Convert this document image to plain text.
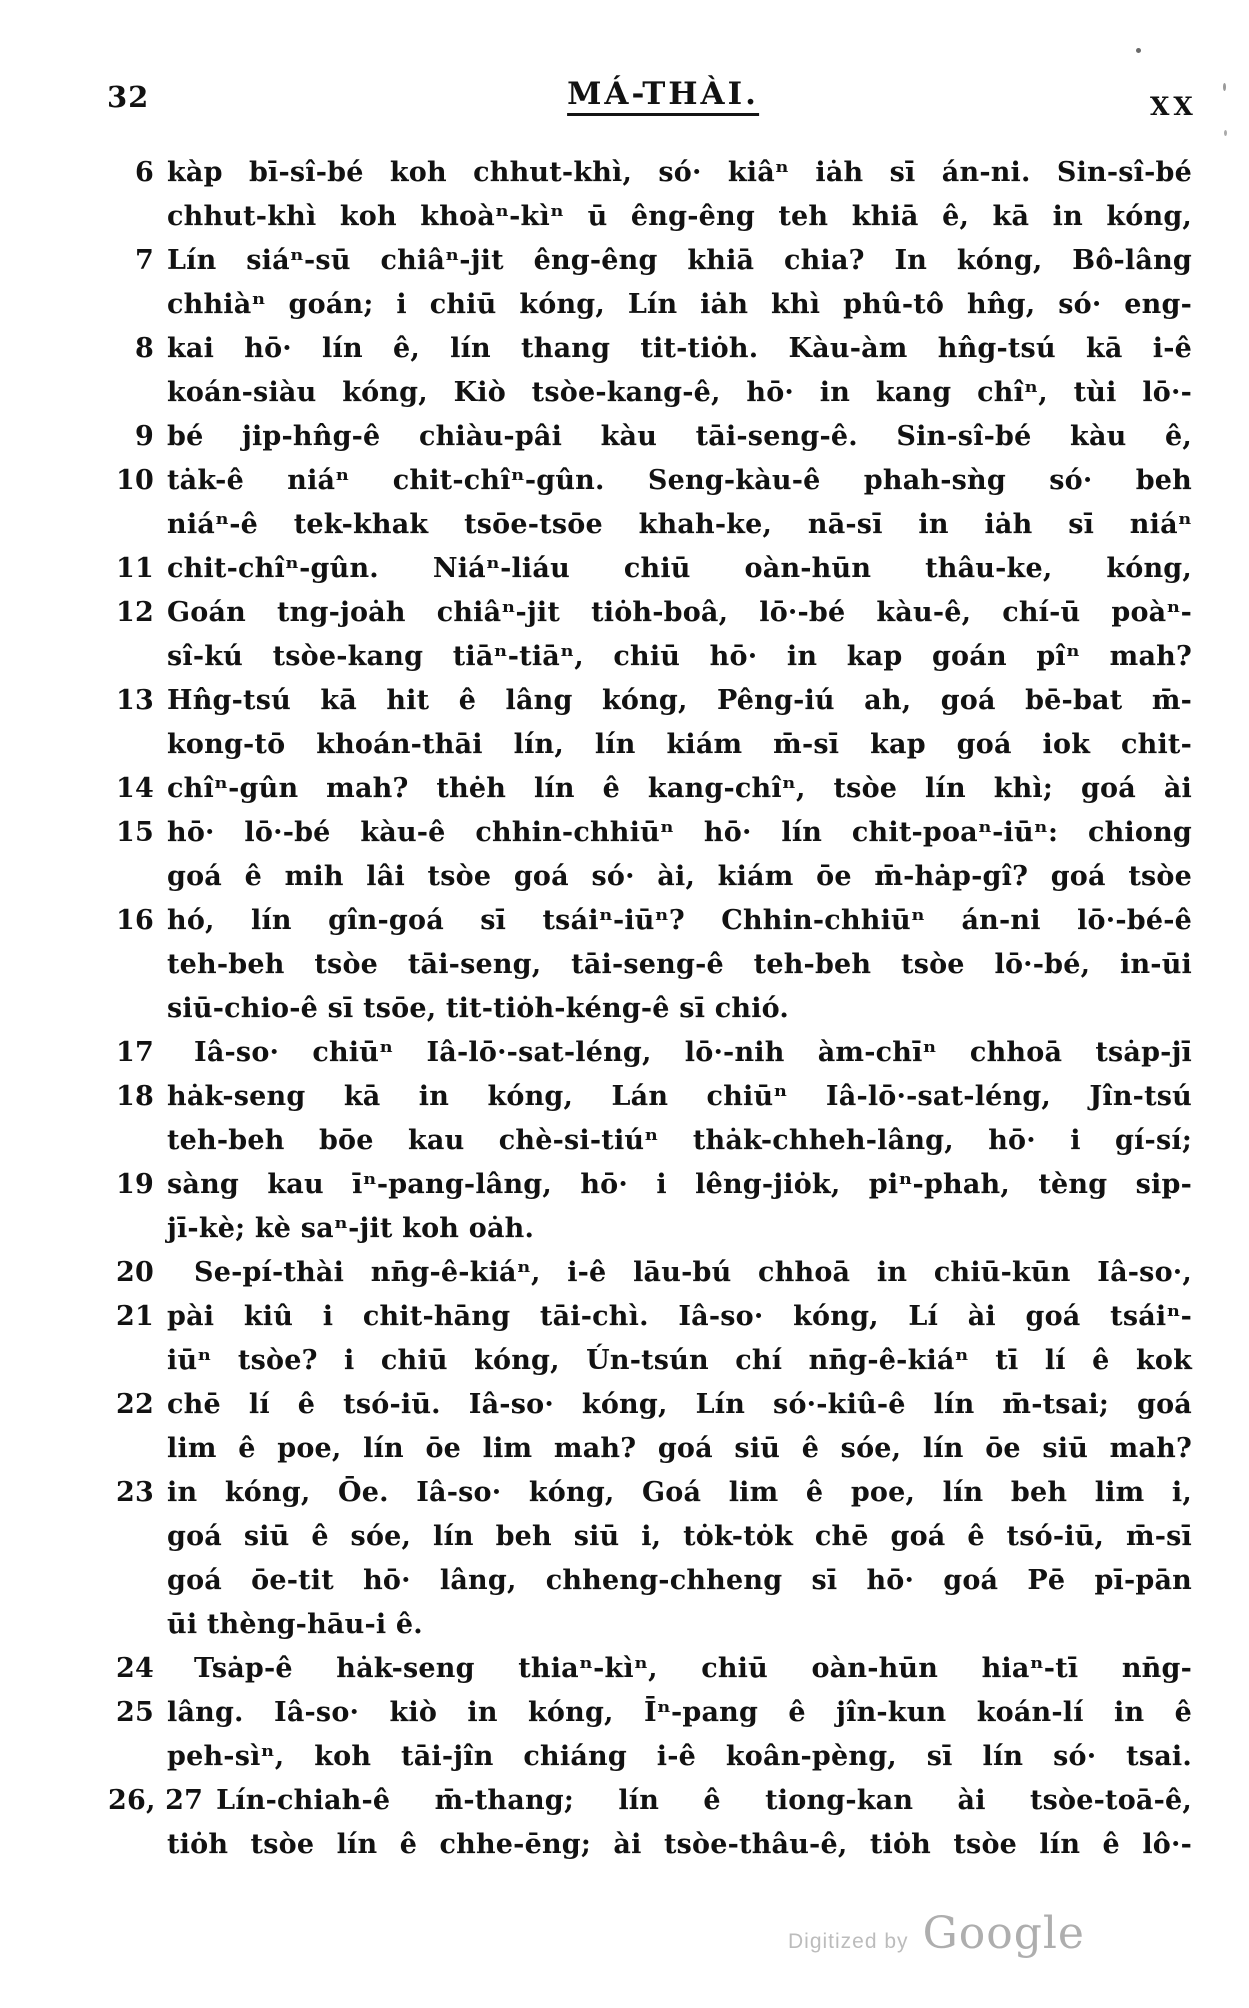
32	MÁ-THÀI.	XX
6 kàp bī-sî-bé koh chhut-khì, só· kiâⁿ iȧh sī án-ni. Sin-sî-bé
chhut-khì koh khoàⁿ-kìⁿ ū êng-êng teh khiā ê, kā in kóng,
7 Lín siáⁿ-sū chiâⁿ-jit êng-êng khiā chia? In kóng, Bô-lâng
chhiàⁿ goán; i chiū kóng, Lín iȧh khì phû-tô hn̂g, só· eng-
8 kai hō· lín ê, lín thang tit-tiȯh. Kàu-àm hn̂g-tsú kā i-ê
koán-siàu kóng, Kiò tsòe-kang-ê, hō· in kang chîⁿ, tùi lō·-
9 bé jip-hn̂g-ê chiàu-pâi kàu tāi-seng-ê. Sin-sî-bé kàu ê,
10 tȧk-ê niáⁿ chit-chîⁿ-gûn. Seng-kàu-ê phah-sǹg só· beh
niáⁿ-ê tek-khak tsōe-tsōe khah-ke, nā-sī in iȧh sī niáⁿ
11 chit-chîⁿ-gûn. Niáⁿ-liáu chiū oàn-hūn thâu-ke, kóng,
12 Goán tng-joȧh chiâⁿ-jit tiȯh-boâ, lō·-bé kàu-ê, chí-ū poàⁿ-
sî-kú tsòe-kang tiāⁿ-tiāⁿ, chiū hō· in kap goán pîⁿ mah?
13 Hn̂g-tsú kā hit ê lâng kóng, Pêng-iú ah, goá bē-bat m̄-
kong-tō khoán-thāi lín, lín kiám m̄-sī kap goá iok chit-
14 chîⁿ-gûn mah? thėh lín ê kang-chîⁿ, tsòe lín khì; goá ài
15 hō· lō·-bé kàu-ê chhin-chhiūⁿ hō· lín chit-poaⁿ-iūⁿ: chiong
goá ê mih lâi tsòe goá só· ài, kiám ōe m̄-hȧp-gî? goá tsòe
16 hó, lín gîn-goá sī tsáiⁿ-iūⁿ? Chhin-chhiūⁿ án-ni lō·-bé-ê
teh-beh tsòe tāi-seng, tāi-seng-ê teh-beh tsòe lō·-bé, in-ūi
siū-chio-ê sī tsōe, tit-tiȯh-kéng-ê sī chió.
17	Iâ-so· chiūⁿ Iâ-lō·-sat-léng, lō·-nih àm-chīⁿ chhoā tsȧp-jī
18 hȧk-seng kā in kóng, Lán chiūⁿ Iâ-lō·-sat-léng, Jîn-tsú
teh-beh bōe kau chè-si-tiúⁿ thȧk-chheh-lâng, hō· i gí-sí;
19 sàng kau īⁿ-pang-lâng, hō· i lêng-jiȯk, piⁿ-phah, tèng sip-
jī-kè; kè saⁿ-jit koh oȧh.
20	Se-pí-thài nn̄g-ê-kiáⁿ, i-ê lāu-bú chhoā in chiū-kūn Iâ-so·,
21 pài kiû i chit-hāng tāi-chì. Iâ-so· kóng, Lí ài goá tsáiⁿ-
iūⁿ tsòe? i chiū kóng, Ún-tsún chí nn̄g-ê-kiáⁿ tī lí ê kok
22 chē lí ê tsó-iū. Iâ-so· kóng, Lín só·-kiû-ê lín m̄-tsai; goá
lim ê poe, lín ōe lim mah? goá siū ê sóe, lín ōe siū mah?
23 in kóng, Ōe. Iâ-so· kóng, Goá lim ê poe, lín beh lim i,
goá siū ê sóe, lín beh siū i, tȯk-tȯk chē goá ê tsó-iū, m̄-sī
goá ōe-tit hō· lâng, chheng-chheng sī hō· goá Pē pī-pān
ūi thèng-hāu-i ê.
24	Tsȧp-ê hȧk-seng thiaⁿ-kìⁿ, chiū oàn-hūn hiaⁿ-tī nn̄g-
25 lâng. Iâ-so· kiò in kóng, Īⁿ-pang ê jîn-kun koán-lí in ê
peh-sìⁿ, koh tāi-jîn chiáng i-ê koân-pèng, sī lín só· tsai.
26, 27 Lín-chiah-ê m̄-thang; lín ê tiong-kan ài tsòe-toā-ê,
tiȯh tsòe lín ê chhe-ēng; ài tsòe-thâu-ê, tiȯh tsòe lín ê lô·-
Digitized by Google
